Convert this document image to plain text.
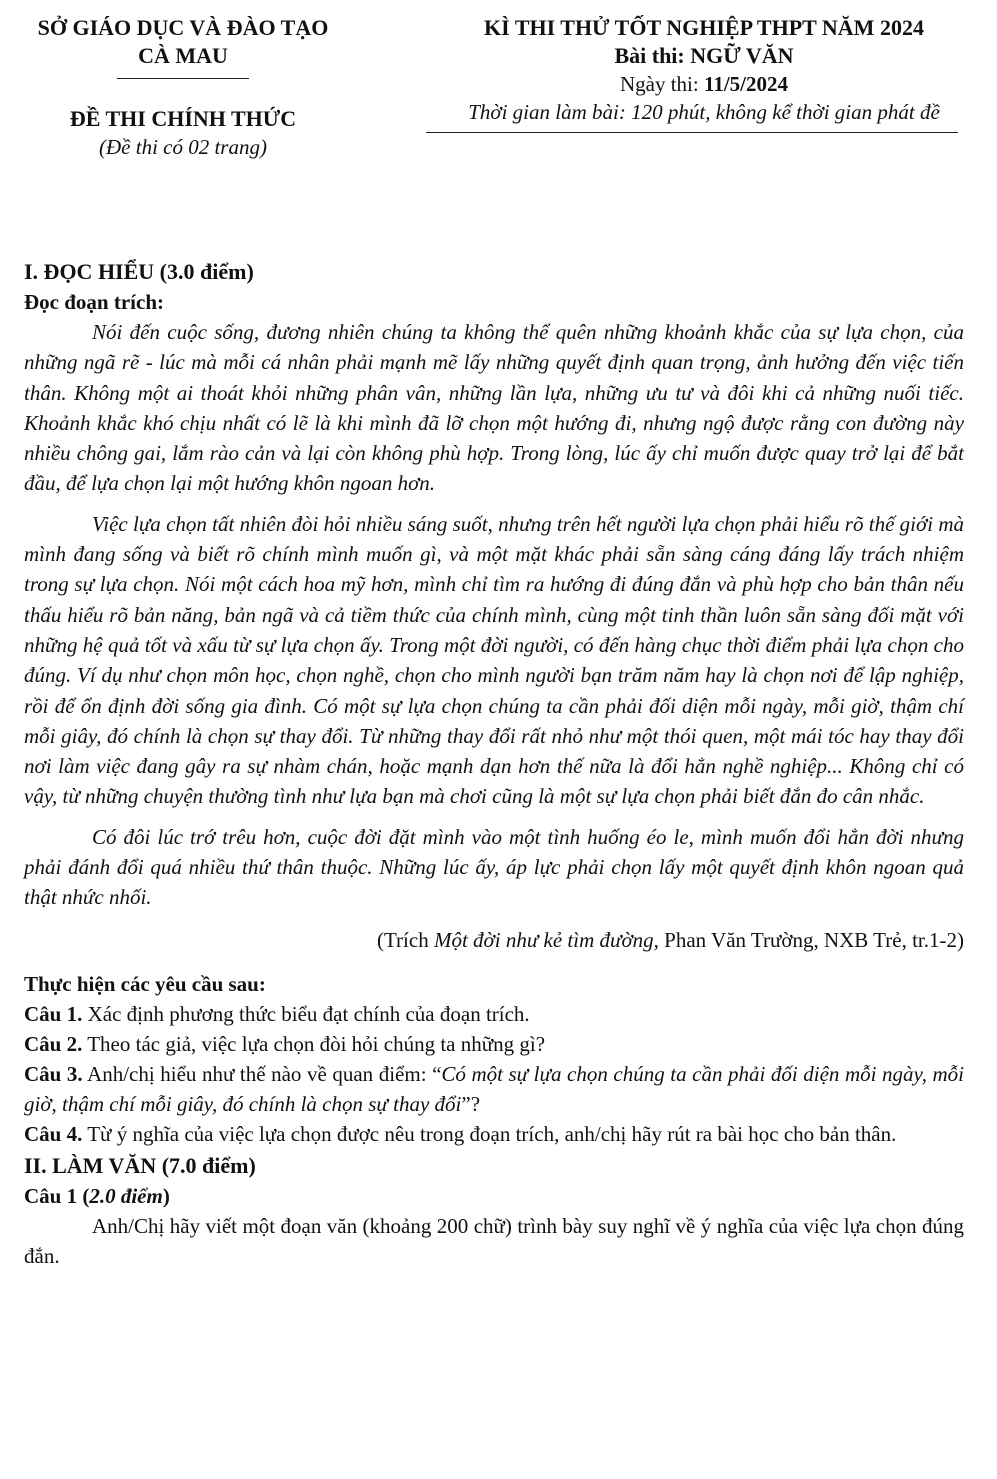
SỞ GIÁO DỤC VÀ ĐÀO TẠO
CÀ MAU
ĐỀ THI CHÍNH THỨC
(Đề thi có 02 trang)
KÌ THI THỬ TỐT NGHIỆP THPT NĂM 2024
Bài thi: NGỮ VĂN
Ngày thi: 11/5/2024
Thời gian làm bài: 120 phút, không kể thời gian phát đề
I. ĐỌC HIỂU (3.0 điểm)
Đọc đoạn trích:

Nói đến cuộc sống, đương nhiên chúng ta không thể quên những khoảnh khắc của sự lựa chọn, của những ngã rẽ - lúc mà mỗi cá nhân phải mạnh mẽ lấy những quyết định quan trọng, ảnh hưởng đến việc tiến thân. Không một ai thoát khỏi những phân vân, những lần lựa, những ưu tư và đôi khi cả những nuối tiếc. Khoảnh khắc khó chịu nhất có lẽ là khi mình đã lỡ chọn một hướng đi, nhưng ngộ được rằng con đường này nhiều chông gai, lắm rào cản và lại còn không phù hợp. Trong lòng, lúc ấy chỉ muốn được quay trở lại để bắt đầu, để lựa chọn lại một hướng khôn ngoan hơn.

Việc lựa chọn tất nhiên đòi hỏi nhiều sáng suốt, nhưng trên hết người lựa chọn phải hiểu rõ thế giới mà mình đang sống và biết rõ chính mình muốn gì, và một mặt khác phải sẵn sàng cáng đáng lấy trách nhiệm trong sự lựa chọn. Nói một cách hoa mỹ hơn, mình chỉ tìm ra hướng đi đúng đắn và phù hợp cho bản thân nếu thấu hiểu rõ bản năng, bản ngã và cả tiềm thức của chính mình, cùng một tinh thần luôn sẵn sàng đối mặt với những hệ quả tốt và xấu từ sự lựa chọn ấy. Trong một đời người, có đến hàng chục thời điểm phải lựa chọn cho đúng. Ví dụ như chọn môn học, chọn nghề, chọn cho mình người bạn trăm năm hay là chọn nơi để lập nghiệp, rồi để ổn định đời sống gia đình. Có một sự lựa chọn chúng ta cần phải đối diện mỗi ngày, mỗi giờ, thậm chí mỗi giây, đó chính là chọn sự thay đổi. Từ những thay đổi rất nhỏ như một thói quen, một mái tóc hay thay đổi nơi làm việc đang gây ra sự nhàm chán, hoặc mạnh dạn hơn thế nữa là đổi hẳn nghề nghiệp... Không chỉ có vậy, từ những chuyện thường tình như lựa bạn mà chơi cũng là một sự lựa chọn phải biết đắn đo cân nhắc.

Có đôi lúc trớ trêu hơn, cuộc đời đặt mình vào một tình huống éo le, mình muốn đổi hẳn đời nhưng phải đánh đổi quá nhiều thứ thân thuộc. Những lúc ấy, áp lực phải chọn lấy một quyết định khôn ngoan quả thật nhức nhối.

(Trích Một đời như kẻ tìm đường, Phan Văn Trường, NXB Trẻ, tr.1-2)
Thực hiện các yêu cầu sau:

Câu 1. Xác định phương thức biểu đạt chính của đoạn trích.

Câu 2. Theo tác giả, việc lựa chọn đòi hỏi chúng ta những gì?

Câu 3. Anh/chị hiểu như thế nào về quan điểm: “Có một sự lựa chọn chúng ta cần phải đối diện mỗi ngày, mỗi giờ, thậm chí mỗi giây, đó chính là chọn sự thay đổi”?

Câu 4. Từ ý nghĩa của việc lựa chọn được nêu trong đoạn trích, anh/chị hãy rút ra bài học cho bản thân.

II. LÀM VĂN (7.0 điểm)
Câu 1 (2.0 điểm)

Anh/Chị hãy viết một đoạn văn (khoảng 200 chữ) trình bày suy nghĩ về ý nghĩa của việc lựa chọn đúng đắn.
